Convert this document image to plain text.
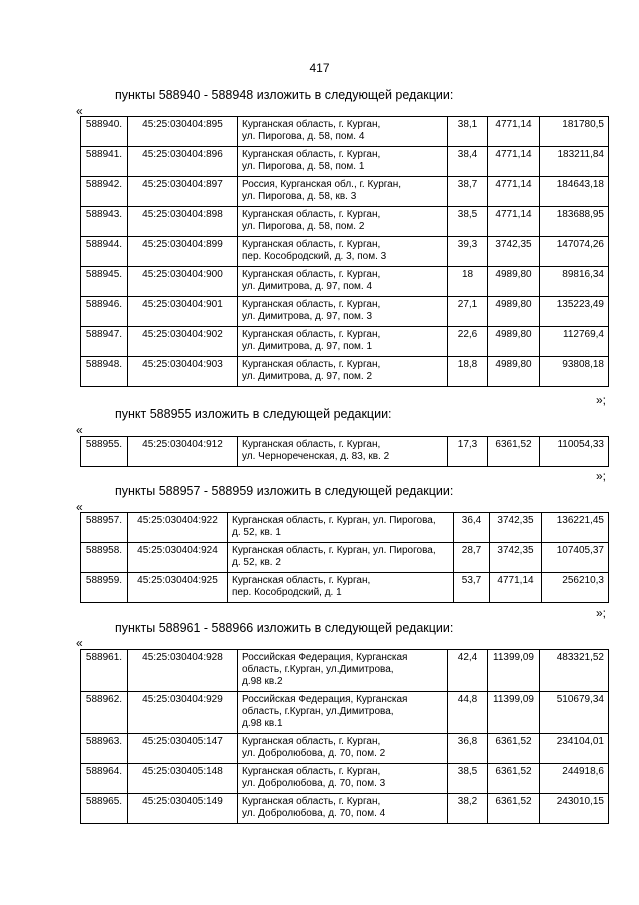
417
пункты 588940 - 588948 изложить в следующей редакции:
«
588940.	45:25:030404:895	Курганская область, г. Курган,
ул. Пирогова, д. 58, пом. 4	38,1	4771,14	181780,5
588941.	45:25:030404:896	Курганская область, г. Курган,
ул. Пирогова, д. 58, пом. 1	38,4	4771,14	183211,84
588942.	45:25:030404:897	Россия, Курганская обл., г. Курган,
ул. Пирогова, д. 58, кв. 3	38,7	4771,14	184643,18
588943.	45:25:030404:898	Курганская область, г. Курган,
ул. Пирогова, д. 58, пом. 2	38,5	4771,14	183688,95
588944.	45:25:030404:899	Курганская область, г. Курган,
пер. Кособродский, д. 3, пом. 3	39,3	3742,35	147074,26
588945.	45:25:030404:900	Курганская область, г. Курган,
ул. Димитрова, д. 97, пом. 4	18	4989,80	89816,34
588946.	45:25:030404:901	Курганская область, г. Курган,
ул. Димитрова, д. 97, пом. 3	27,1	4989,80	135223,49
588947.	45:25:030404:902	Курганская область, г. Курган,
ул. Димитрова, д. 97, пом. 1	22,6	4989,80	112769,4
588948.	45:25:030404:903	Курганская область, г. Курган,
ул. Димитрова, д. 97, пом. 2	18,8	4989,80	93808,18
»;
пункт 588955 изложить в следующей редакции:
«
588955.	45:25:030404:912	Курганская область, г. Курган,
ул. Черноречeнская, д. 83, кв. 2
	17,3	6361,52	110054,33
»;
пункты 588957 - 588959 изложить в следующей редакции:
«
588957.	45:25:030404:922	Курганская область, г. Курган, ул. Пирогова,
д. 52, кв. 1	36,4	3742,35	136221,45
588958.	45:25:030404:924	Курганская область, г. Курган, ул. Пирогова,
д. 52, кв. 2	28,7	3742,35	107405,37
588959.	45:25:030404:925	Курганская область, г. Курган,
пер. Кособродский, д. 1	53,7	4771,14	256210,3
»;
пункты 588961 - 588966 изложить в следующей редакции:
«
588961.	45:25:030404:928	Российская Федерация, Курганская
область, г.Курган, ул.Димитрова,
д.98 кв.2	42,4	11399,09	483321,52
588962.	45:25:030404:929	Российская Федерация, Курганская
область, г.Курган, ул.Димитрова,
д.98 кв.1	44,8	11399,09	510679,34
588963.	45:25:030405:147	Курганская область, г. Курган,
ул. Добролюбова, д. 70, пом. 2	36,8	6361,52	234104,01
588964.	45:25:030405:148	Курганская область, г. Курган,
ул. Добролюбова, д. 70, пом. 3	38,5	6361,52	244918,6
588965.	45:25:030405:149	Курганская область, г. Курган,
ул. Добролюбова, д. 70, пом. 4	38,2	6361,52	243010,15
